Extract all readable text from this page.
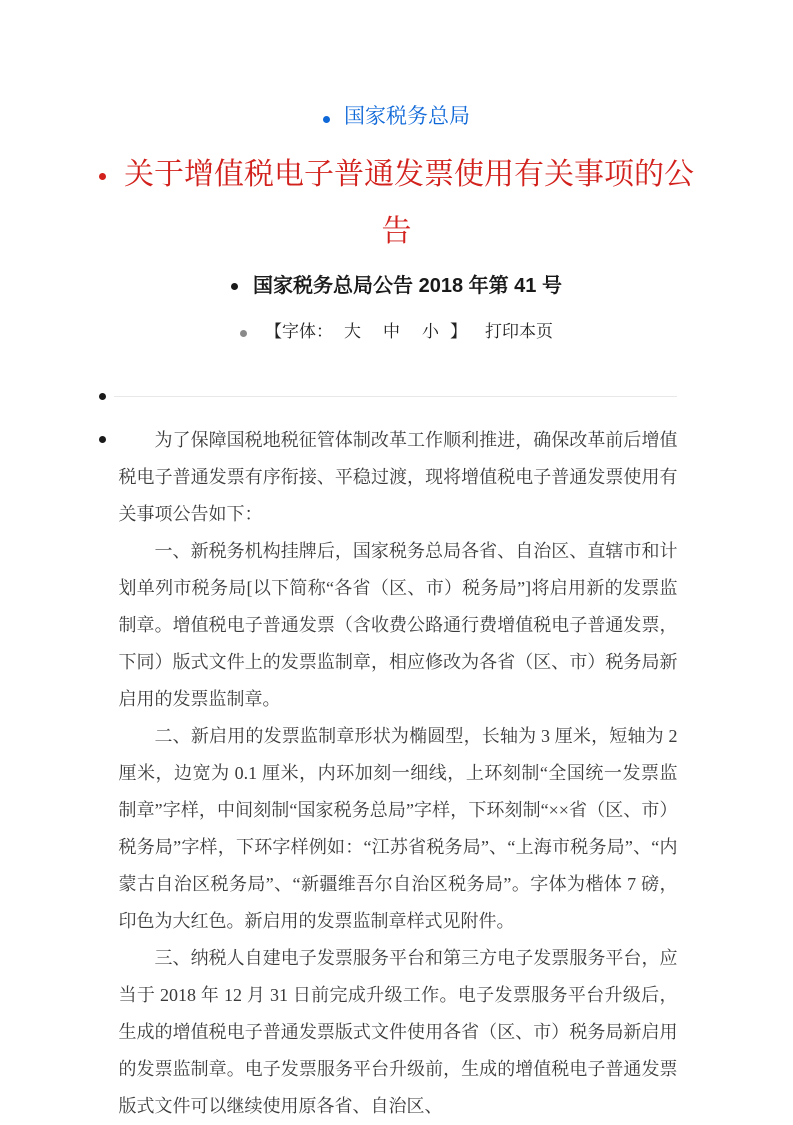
国家税务总局
关于增值税电子普通发票使用有关事项的公告
国家税务总局公告 2018 年第 41 号
【字体： 大 中 小 】 打印本页

为了保障国税地税征管体制改革工作顺利推进，确保改革前后增值税电子普通发票有序衔接、平稳过渡，现将增值税电子普通发票使用有关事项公告如下：

一、新税务机构挂牌后，国家税务总局各省、自治区、直辖市和计划单列市税务局[以下简称“各省（区、市）税务局”]将启用新的发票监制章。增值税电子普通发票（含收费公路通行费增值税电子普通发票，下同）版式文件上的发票监制章，相应修改为各省（区、市）税务局新启用的发票监制章。

二、新启用的发票监制章形状为椭圆型，长轴为 3 厘米，短轴为 2 厘米，边宽为 0.1 厘米，内环加刻一细线，上环刻制“全国统一发票监制章”字样，中间刻制“国家税务总局”字样，下环刻制“××省（区、市）税务局”字样，下环字样例如：“江苏省税务局”、“上海市税务局”、“内蒙古自治区税务局”、“新疆维吾尔自治区税务局”。字体为楷体 7 磅，印色为大红色。新启用的发票监制章样式见附件。

三、纳税人自建电子发票服务平台和第三方电子发票服务平台，应当于 2018 年 12 月 31 日前完成升级工作。电子发票服务平台升级后，生成的增值税电子普通发票版式文件使用各省（区、市）税务局新启用的发票监制章。电子发票服务平台升级前，生成的增值税电子普通发票版式文件可以继续使用原各省、自治区、
